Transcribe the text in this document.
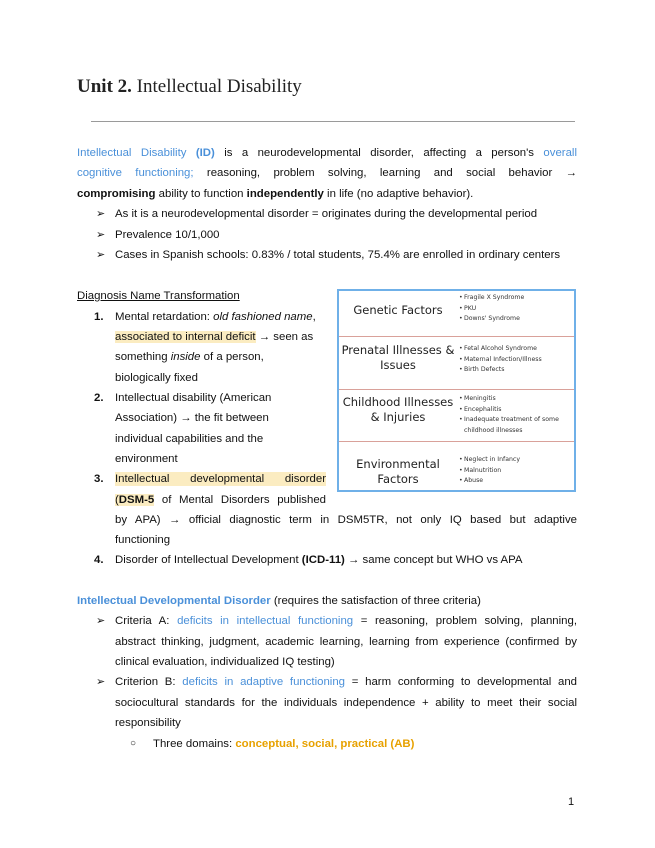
Unit 2. Intellectual Disability
Intellectual Disability (ID) is a neurodevelopmental disorder, affecting a person's overall
cognitive functioning; reasoning, problem solving, learning and social behavior →
compromising ability to function independently in life (no adaptive behavior).
➢ As it is a neurodevelopmental disorder = originates during the developmental period
➢ Prevalence 10/1,000
➢ Cases in Spanish schools: 0.83% / total students, 75.4% are enrolled in ordinary centers
Diagnosis Name Transformation
1.	Mental retardation: old fashioned name,
associated to internal deficit → seen as
something inside of a person,
biologically fixed
2.	Intellectual disability (American
Association) → the fit between
individual capabilities and the
environment
3.	Intellectual developmental disorder
(DSM-5 of Mental Disorders published
by APA) → official diagnostic term in DSM5TR, not only IQ based but adaptive
functioning
4.	Disorder of Intellectual Development (ICD-11) → same concept but WHO vs APA
Genetic Factors
• Fragile X Syndrome
• PKU
• Downs' Syndrome
Prenatal Illnesses & Issues
• Fetal Alcohol Syndrome
• Maternal Infection/Illness
• Birth Defects
Childhood Illnesses & Injuries
• Meningitis
• Encephalitis
• Inadequate treatment of some childhood illnesses
Environmental Factors
• Neglect in Infancy
• Malnutrition
• Abuse
Intellectual Developmental Disorder (requires the satisfaction of three criteria)
➢ Criteria A: deficits in intellectual functioning = reasoning, problem solving, planning,
abstract thinking, judgment, academic learning, learning from experience (confirmed by
clinical evaluation, individualized IQ testing)
➢ Criterion B: deficits in adaptive functioning = harm conforming to developmental and
sociocultural standards for the individuals independence + ability to meet their social
responsibility
○ Three domains: conceptual, social, practical (AB)
1
